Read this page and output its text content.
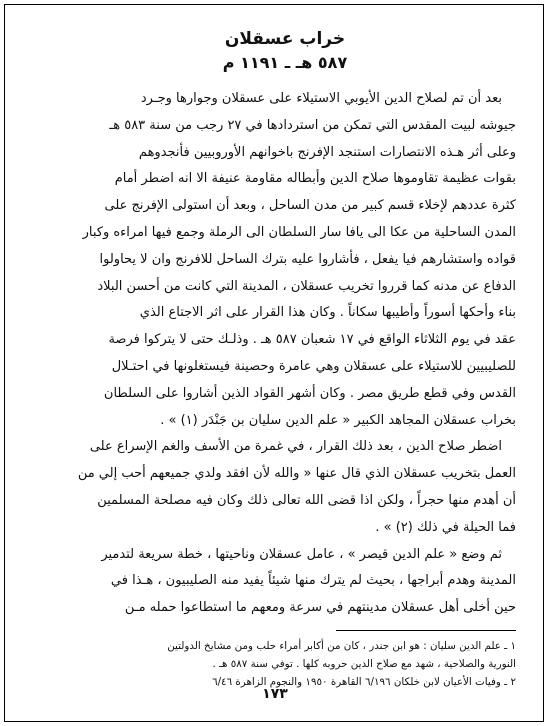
خراب عسقلان
٥٨٧ هـ ـ ١١٩١ م

بعد أن تم لصلاح الدين الأيوبي الاستيلاء على عسقلان وجوارها وجـرد

جيوشه لبيت المقدس التي تمكن من استردادها في ٢٧ رجب من سنة ٥٨٣ هـ

وعلى أثر هـذه الانتصارات استنجد الإفرنج باخوانهم الأوروبيين فأنجدوهم

بقوات عظيمة تقاوموها صلاح الدين وأبطاله مقاومة عنيفة الا انه اضطر أمام

كثرة عددهم لإخلاء قسم كبير من مدن الساحل ، وبعد أن استولى الإفرنج على

المدن الساحلية من عكا الى يافا سار السلطان الى الرملة وجمع فيها امراءه وكبار

قواده واستشارهم فيا يفعل ، فأشاروا عليه بترك الساحل للافرنج وان لا يحاولوا

الدفاع عن مدنه كما قرروا تخريب عسقلان ، المدينة التي كانت من أحسن البلاد

بناء وأحكها أسوراً وأطيبها سكاناً . وكان هذا القرار على اثر الاجتاع الذي

عقد في يوم الثلاثاء الواقع في ١٧ شعبان ٥٨٧ هـ . وذلـك حتى لا يتركوا فرصة

للصليبيين للاستيلاء على عسقلان وهي عامرة وحصينة فيستغلونها في احتـلال

القدس وفي قطع طريق مصر . وكان أشهر القواد الذين أشاروا على السلطان

بخراب عسقلان المجاهد الكبير « علم الدين سليان بن جَنْدَر (١) » .

اضطر صلاح الدين ، بعد ذلك القرار ، في غمرة من الأسف والغم الإسراع على

العمل بتخريب عسقلان الذي قال عنها « والله لأن افقد ولدي جميعهم أحب إلي من

أن أهدم منها حجراً ، ولكن اذا قضى الله تعالى ذلك وكان فيه مصلحة المسلمين

فما الحيلة في ذلك (٢) » .

ثم وضع « علم الدين قيصر » ، عامل عسقلان وناحيتها ، خطة سريعة لتدمير

المدينة وهدم أبراجها ، بحيث لم يترك منها شيئاً يفيد منه الصليبيون ، هـذا في

حين أخلى أهل عسقلان مدينتهم في سرعة ومعهم ما استطاعوا حمله مـن

١ ـ علم الدين سليان : هو ابن جندر ، كان من أكابر أمراء حلب ومن مشايخ الدولتين

النورية والصلاحية ، شهد مع صلاح الدين حروبه كلها . توفي سنة ٥٨٧ هـ .

٢ ـ وفيات الأعيان لابن خلكان ٦/١٩٦ القاهرة ١٩٥٠ والنجوم الزاهرة ٦/٤٦

١٧٣
